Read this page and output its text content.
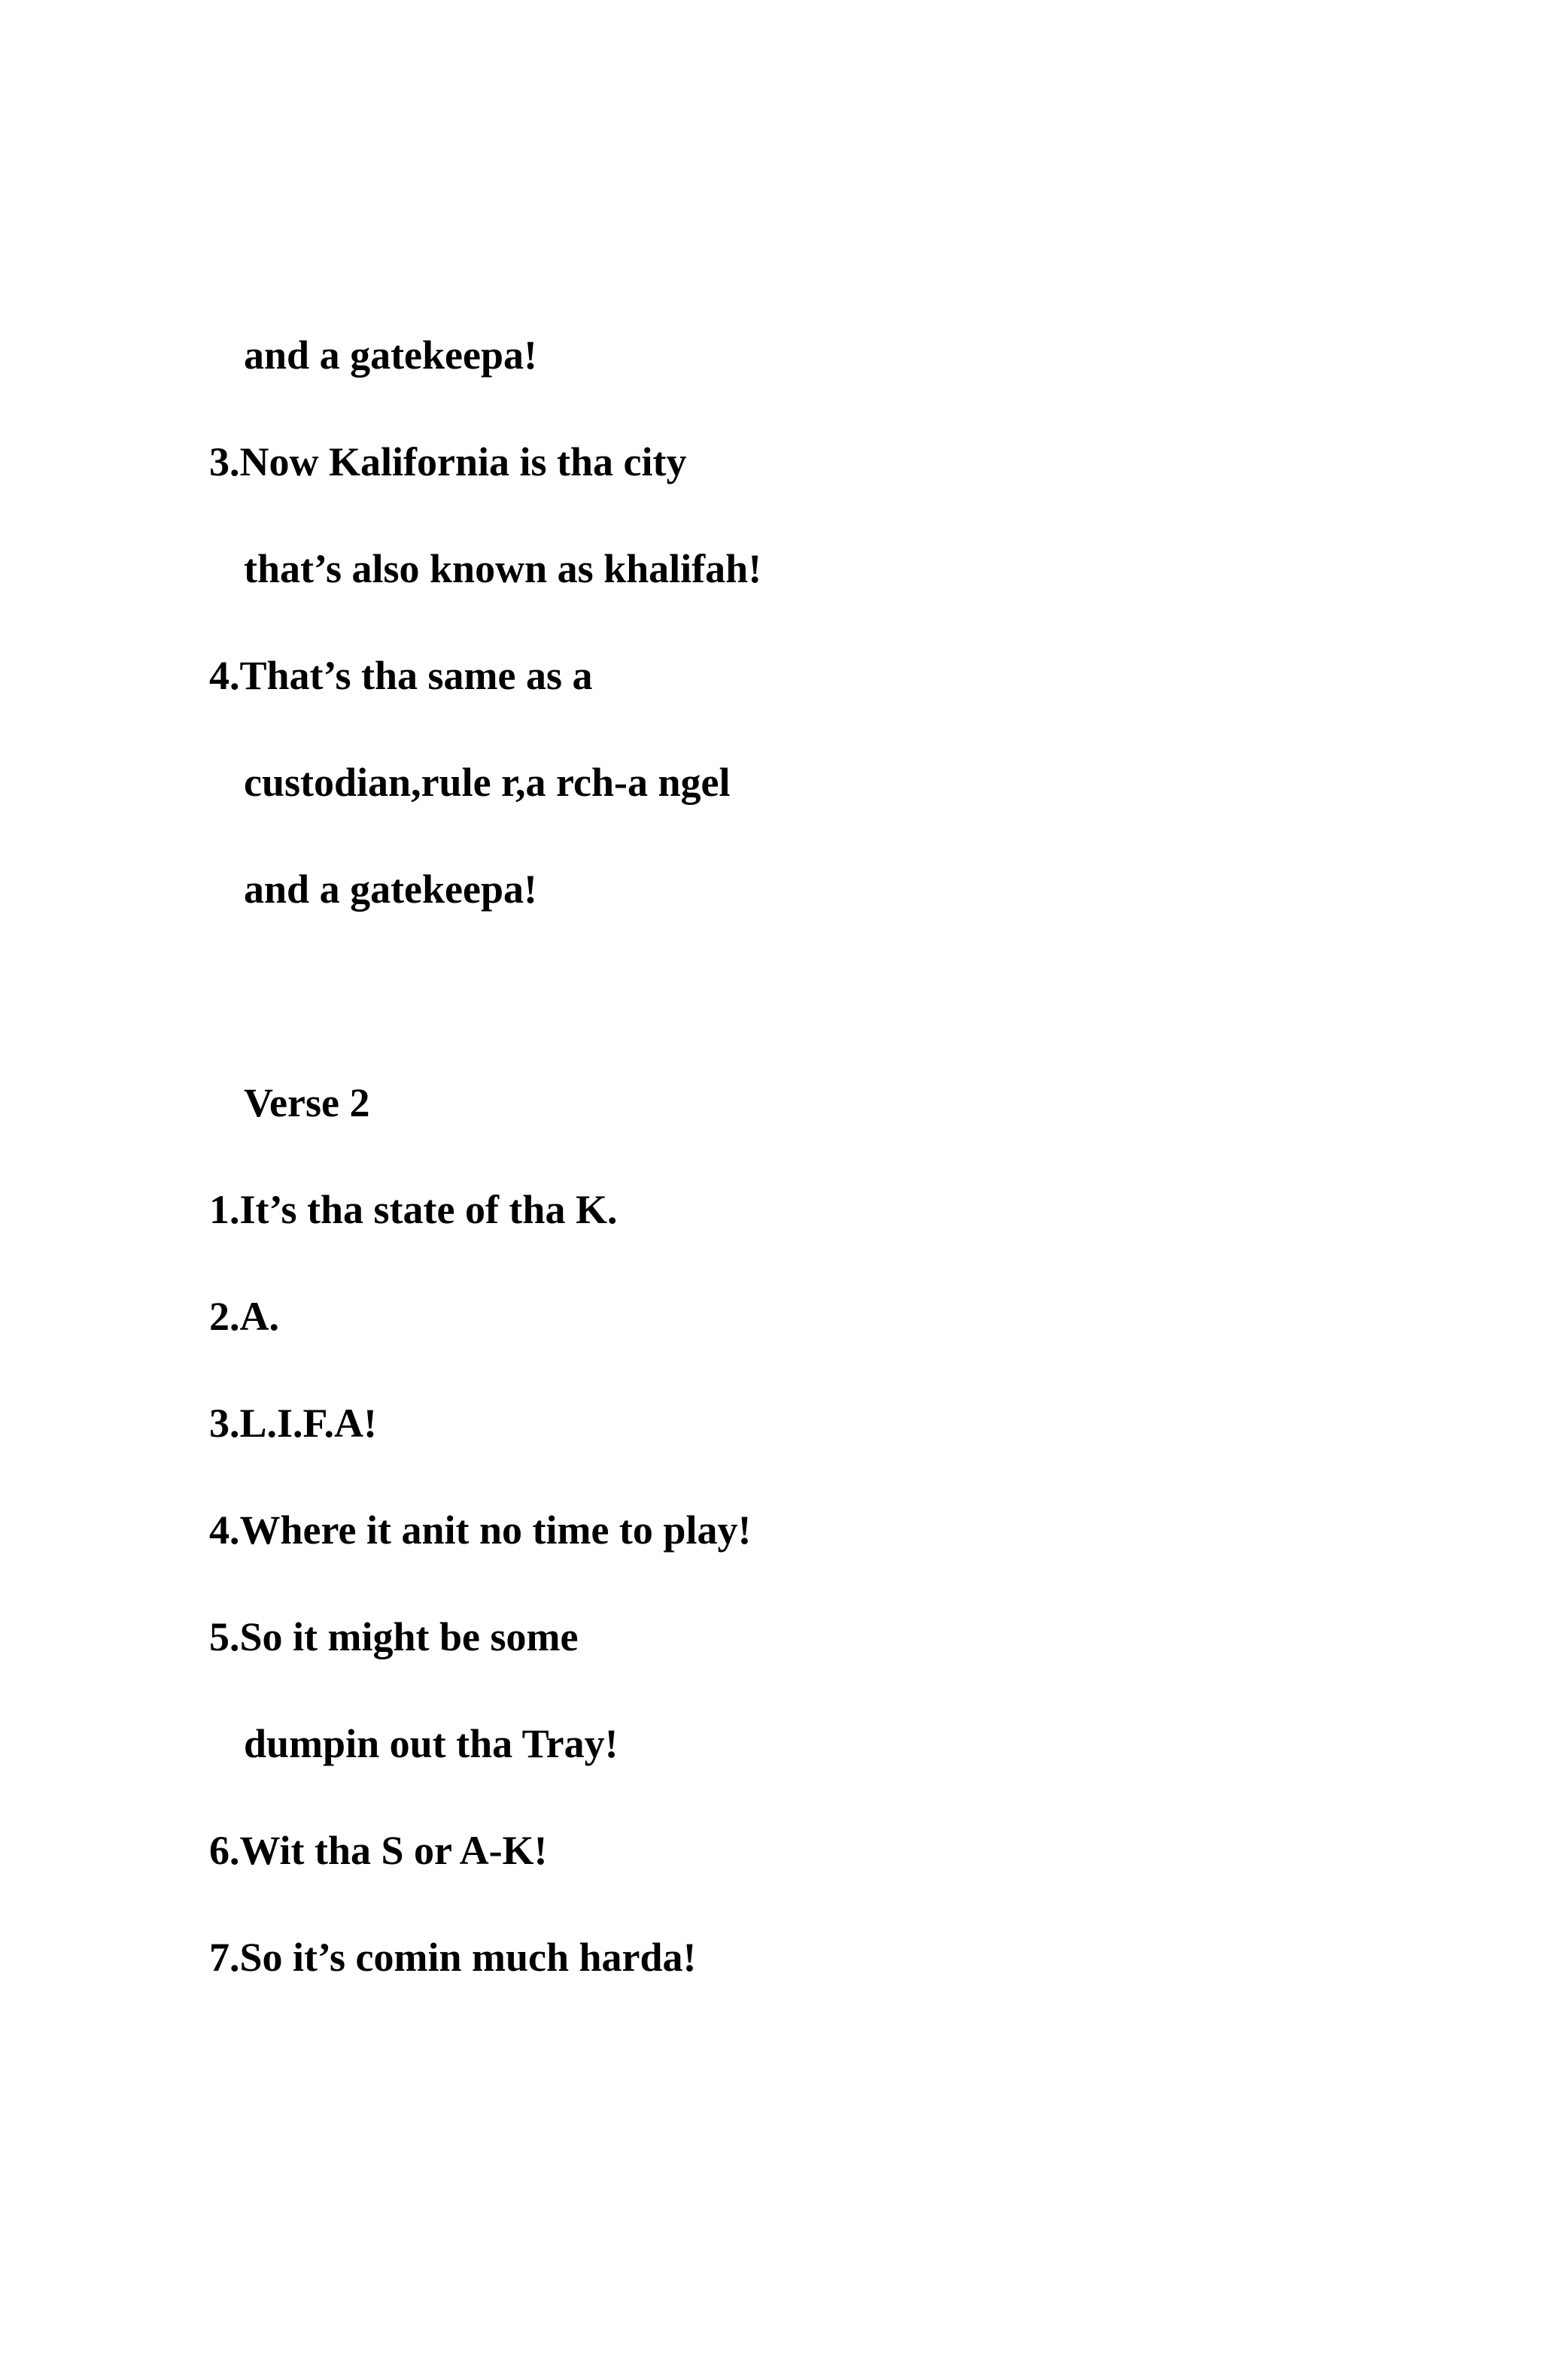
and a gatekeepa!
3.Now Kalifornia is tha city
that’s also known as khalifah!
4.That’s tha same as a
custodian,rule r,a rch-a ngel
and a gatekeepa!
Verse 2
1.It’s tha state of tha K.
2.A.
3.L.I.F.A!
4.Where it anit no time to play!
5.So it might be some
dumpin out tha Tray!
6.Wit tha S or A-K!
7.So it’s comin much harda!
